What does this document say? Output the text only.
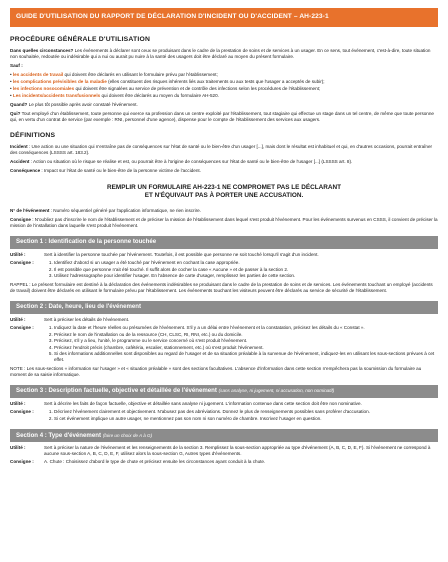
GUIDE D'UTILISATION DU RAPPORT DE DÉCLARATION D'INCIDENT OU D'ACCIDENT – AH-223-1
PROCÉDURE GÉNÉRALE D'UTILISATION

Dans quelles circonstances? Les événements à déclarer sont ceux se produisant dans le cadre de la prestation de soins et de services à un usager. En ce sens, tout événement, c'est-à-dire, toute situation non souhaitée, redoutée ou indésirable qui a nui ou aurait pu nuire à la santé des usagers doit être déclaré au moyen du présent formulaire.

Sauf :

• les accidents de travail qui doivent être déclarés en utilisant le formulaire prévu par l'établissement;
• les complications prévisibles de la maladie (elles constituent des risques inhérents liés aux traitements ou aux tests que l'usager a acceptés de subir);
• les infections nosocomiales qui doivent être signalées au service de prévention et de contrôle des infections selon les procédures de l'établissement;
• Les incidents/accidents transfusionnels qui doivent être déclarés au moyen du formulaire AH-520.

Quand? Le plus tôt possible après avoir constaté l'événement.

Qui? Tout employé d'un établissement, toute personne qui exerce sa profession dans un centre exploité par l'établissement, tout stagiaire qui effectue un stage dans un tel centre, de même que toute personne qui, en vertu d'un contrat de service (par exemple : RNI, personnel d'une agence), dispense pour le compte de l'établissement des services aux usagers.

DÉFINITIONS

Incident : Une action ou une situation qui n'entraîne pas de conséquences sur l'état de santé ou le bien-être d'un usager [...], mais dont le résultat est inhabituel et qui, en d'autres occasions, pourrait entraîner des conséquences (LSSSS art. 183.2).

Accident : Action ou situation où le risque se réalise et est, ou pourrait être à l'origine de conséquences sur l'état de santé ou le bien-être de l'usager [...] (LSSSS art. 8).

Conséquence : Impact sur l'état de santé ou le bien-être de la personne victime de l'accident.

REMPLIR UN FORMULAIRE AH-223-1 NE COMPROMET PAS LE DÉCLARANT
ET N'ÉQUIVAUT PAS À PORTER UNE ACCUSATION.

N° de l'événement : Numéro séquentiel généré par l'application informatique, ne rien inscrire.

Consigne : N'oubliez pas d'inscrire le nom de l'établissement et de préciser la mission de l'établissement dans lequel s'est produit l'événement. Pour les événements survenus en CSSS, il convient de préciser la mission de l'installation dans laquelle s'est produit l'événement.

Section 1 : Identification de la personne touchée
Utilité :	Sert à identifier la personne touchée par l'événement. Toutefois, il est possible que personne ne soit touché lorsqu'il s'agit d'un incident.
Consigne :	1. Identifiez d'abord si un usager a été touché par l'événement en cochant la case appropriée.
2. Il est possible que personne n'ait été touché. Il suffit alors de cocher la case « Aucune » et de passer à la section 2.
3. Utilisez l'adressographe pour identifier l'usager. En l'absence de carte d'usager, remplissez les parties de cette section.

RAPPEL : Le présent formulaire est destiné à la déclaration des événements indésirables se produisant dans le cadre de la prestation de soins et de services. Les événements touchant un employé (accidents de travail) doivent être déclarés en utilisant le formulaire prévu par l'établissement. Les événements touchant les visiteurs peuvent être déclarés au service de sécurité de l'établissement.

Section 2 : Date, heure, lieu de l'événement
Utilité :	Sert à préciser les détails de l'événement.
Consigne :	1. Indiquez la date et l'heure réelles ou présumées de l'événement. S'il y a un délai entre l'événement et la constatation, précisez les détails du « Constat ».
2. Précisez le nom de l'installation ou de la ressource (CH, CLSC, RI, RNI, etc.) ou du domicile.
3. Précisez, s'il y a lieu, l'unité, le programme ou le service concerné où s'est produit l'événement.
4. Précisez l'endroit précis (chambre, cafétéria, escalier, stationnement, etc.) où s'est produit l'événement.
5. Si des informations additionnelles sont disponibles au regard de l'usager et de sa situation préalable à la survenue de l'événement, indiquez-les en utilisant les sous-sections prévues à cet effet.

NOTE : Les sous-sections « information sur l'usager » et « situation préalable » sont des sections facultatives. L'absence d'information dans cette section n'empêchera pas la soumission du formulaire au moment de sa saisie informatique.

Section 3 : Description factuelle, objective et détaillée de l'événement (sans analyse, ni jugement, ni accusation, non nominatif)
Utilité :	Sert à décrire les faits de façon factuelle, objective et détaillée sans analyse ni jugement. L'information contenue dans cette section doit être non nominative.
Consigne :	1. Décrivez l'événement clairement et objectivement. N'abusez pas des abréviations. Donnez le plus de renseignements possibles sans proférer d'accusation.
2. Si cet événement implique un autre usager, ne mentionnez pas son nom ni son numéro de chambre. Inscrivez l'usager en question.
Section 4 : Type d'événement (faire un choix de A à G)
Utilité :	Sert à préciser la nature de l'événement et les renseignements de la section 3. Remplissez la sous-section appropriée au type d'événement (A, B, C, D, E, F). Si l'événement ne correspond à aucune sous-section A, B, C, D, E, F, utilisez alors la sous-section G, Autres types d'événements.
Consigne :	A. Chute : Choisissez d'abord le type de chute et précisez ensuite les circonstances ayant conduit à la chute.
